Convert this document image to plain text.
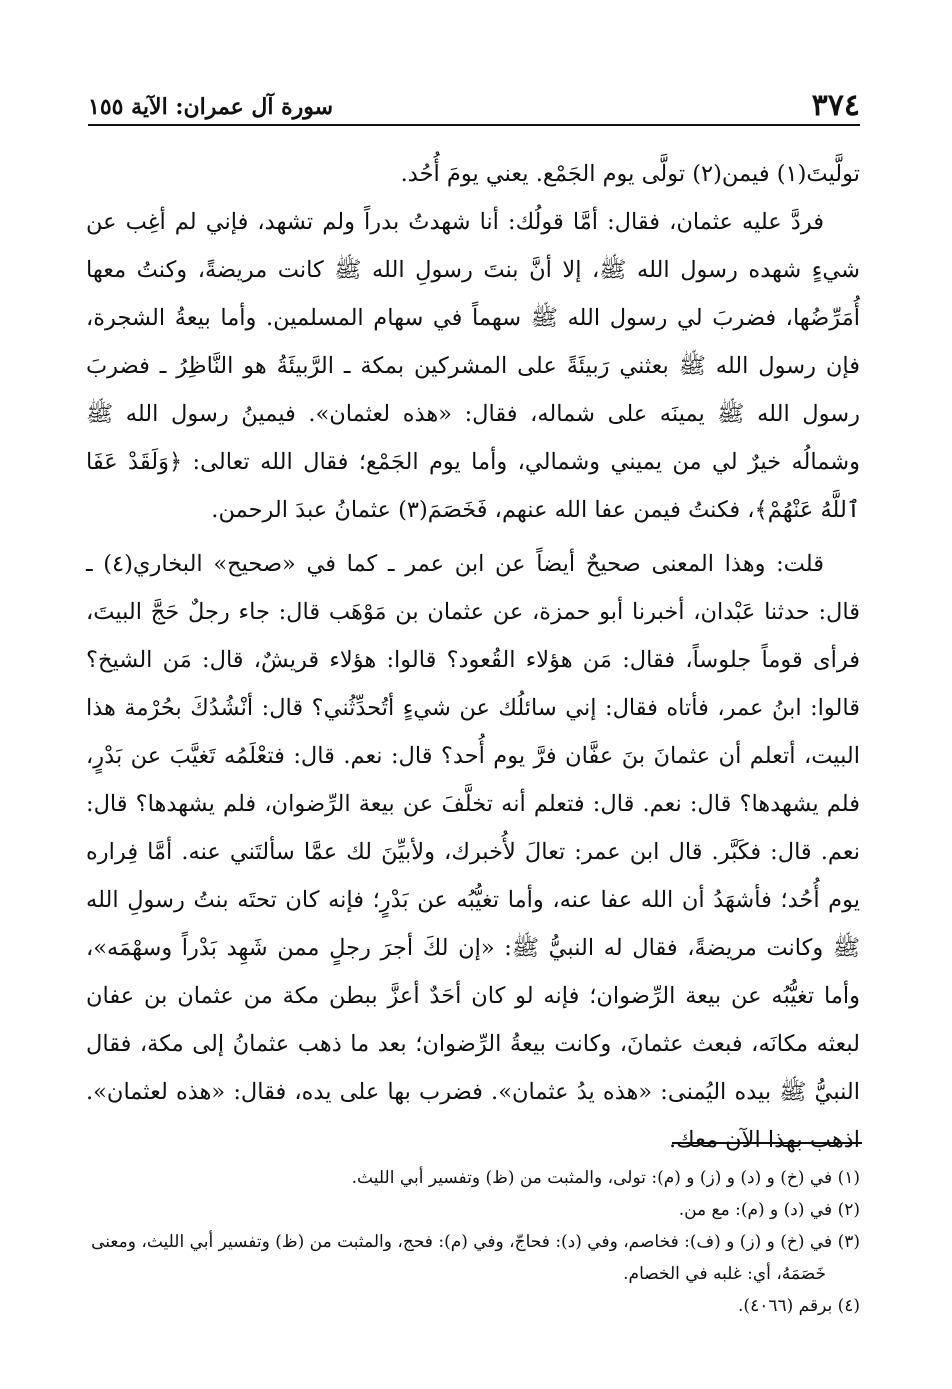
٣٧٤
سورة آل عمران: الآية ١٥٥

تولَّيتَ(١) فيمن(٢) تولَّى يوم الجَمْع. يعني يومَ أُحُد.

فردَّ عليه عثمان، فقال: أمَّا قولُك: أنا شهدتُ بدراً ولم تشهد، فإني لم أغِب عن شيءٍ شهده رسول الله ﷺ، إلا أنَّ بنتَ رسولِ الله ﷺ كانت مريضةً، وكنتُ معها أُمَرِّضُها، فضربَ لي رسول الله ﷺ سهماً في سهام المسلمين. وأما بيعةُ الشجرة، فإن رسول الله ﷺ بعثني رَبيئَةً على المشركين بمكة ـ الرَّبيئَةُ هو النَّاظِرُ ـ فضربَ رسول الله ﷺ يمينَه على شماله، فقال: «هذه لعثمان». فيمينُ رسول الله ﷺ وشمالُه خيرٌ لي من يميني وشمالي، وأما يوم الجَمْع؛ فقال الله تعالى: ﴿وَلَقَدْ عَفَا ٱللَّهُ عَنْهُمْ﴾، فكنتُ فيمن عفا الله عنهم، فَخَصَمَ(٣) عثمانُ عبدَ الرحمن.

قلت: وهذا المعنى صحيحٌ أيضاً عن ابن عمر ـ كما في «صحيح» البخاري(٤) ـ قال: حدثنا عَبْدان، أخبرنا أبو حمزة، عن عثمان بن مَوْهَب قال: جاء رجلٌ حَجَّ البيتَ، فرأى قوماً جلوساً، فقال: مَن هؤلاء القُعود؟ قالوا: هؤلاء قريشٌ، قال: مَن الشيخ؟ قالوا: ابنُ عمر، فأتاه فقال: إني سائلُك عن شيءٍ أتُحدِّثُني؟ قال: أنْشُدُكَ بحُرْمة هذا البيت، أتعلم أن عثمانَ بنَ عفَّان فرَّ يوم أُحد؟ قال: نعم. قال: فتعْلَمُه تَغيَّبَ عن بَدْرٍ، فلم يشهدها؟ قال: نعم. قال: فتعلم أنه تخلَّفَ عن بيعة الرِّضوان، فلم يشهدها؟ قال: نعم. قال: فكَبَّر. قال ابن عمر: تعالَ لأُخبرك، ولأبيِّنَ لك عمَّا سألتَني عنه. أمَّا فِراره يوم أُحُد؛ فأشهَدُ أن الله عفا عنه، وأما تغيُّبُه عن بَدْرٍ؛ فإنه كان تحتَه بنتُ رسولِ الله ﷺ وكانت مريضةً، فقال له النبيُّ ﷺ: «إن لكَ أجرَ رجلٍ ممن شَهِد بَدْراً وسهْمَه»، وأما تغيُّبُه عن بيعة الرِّضوان؛ فإنه لو كان أحَدٌ أعزَّ ببطن مكة من عثمان بن عفان لبعثه مكانَه، فبعث عثمانَ، وكانت بيعةُ الرِّضوان؛ بعد ما ذهب عثمانُ إلى مكة، فقال النبيُّ ﷺ بيده اليُمنى: «هذه يدُ عثمان». فضرب بها على يده، فقال: «هذه لعثمان». اذهب بهذا الآن معك.

(١) في (خ) و (د) و (ز) و (م): تولى، والمثبت من (ظ) وتفسير أبي الليث.

(٢) في (د) و (م): مع من.

(٣) في (خ) و (ز) و (ف): فخاصم، وفي (د): فحاجّ، وفي (م): فحج، والمثبت من (ظ) وتفسير أبي الليث، ومعنى خَصَمَهُ، أي: غلبه في الخصام.

(٤) برقم (٤٠٦٦).
